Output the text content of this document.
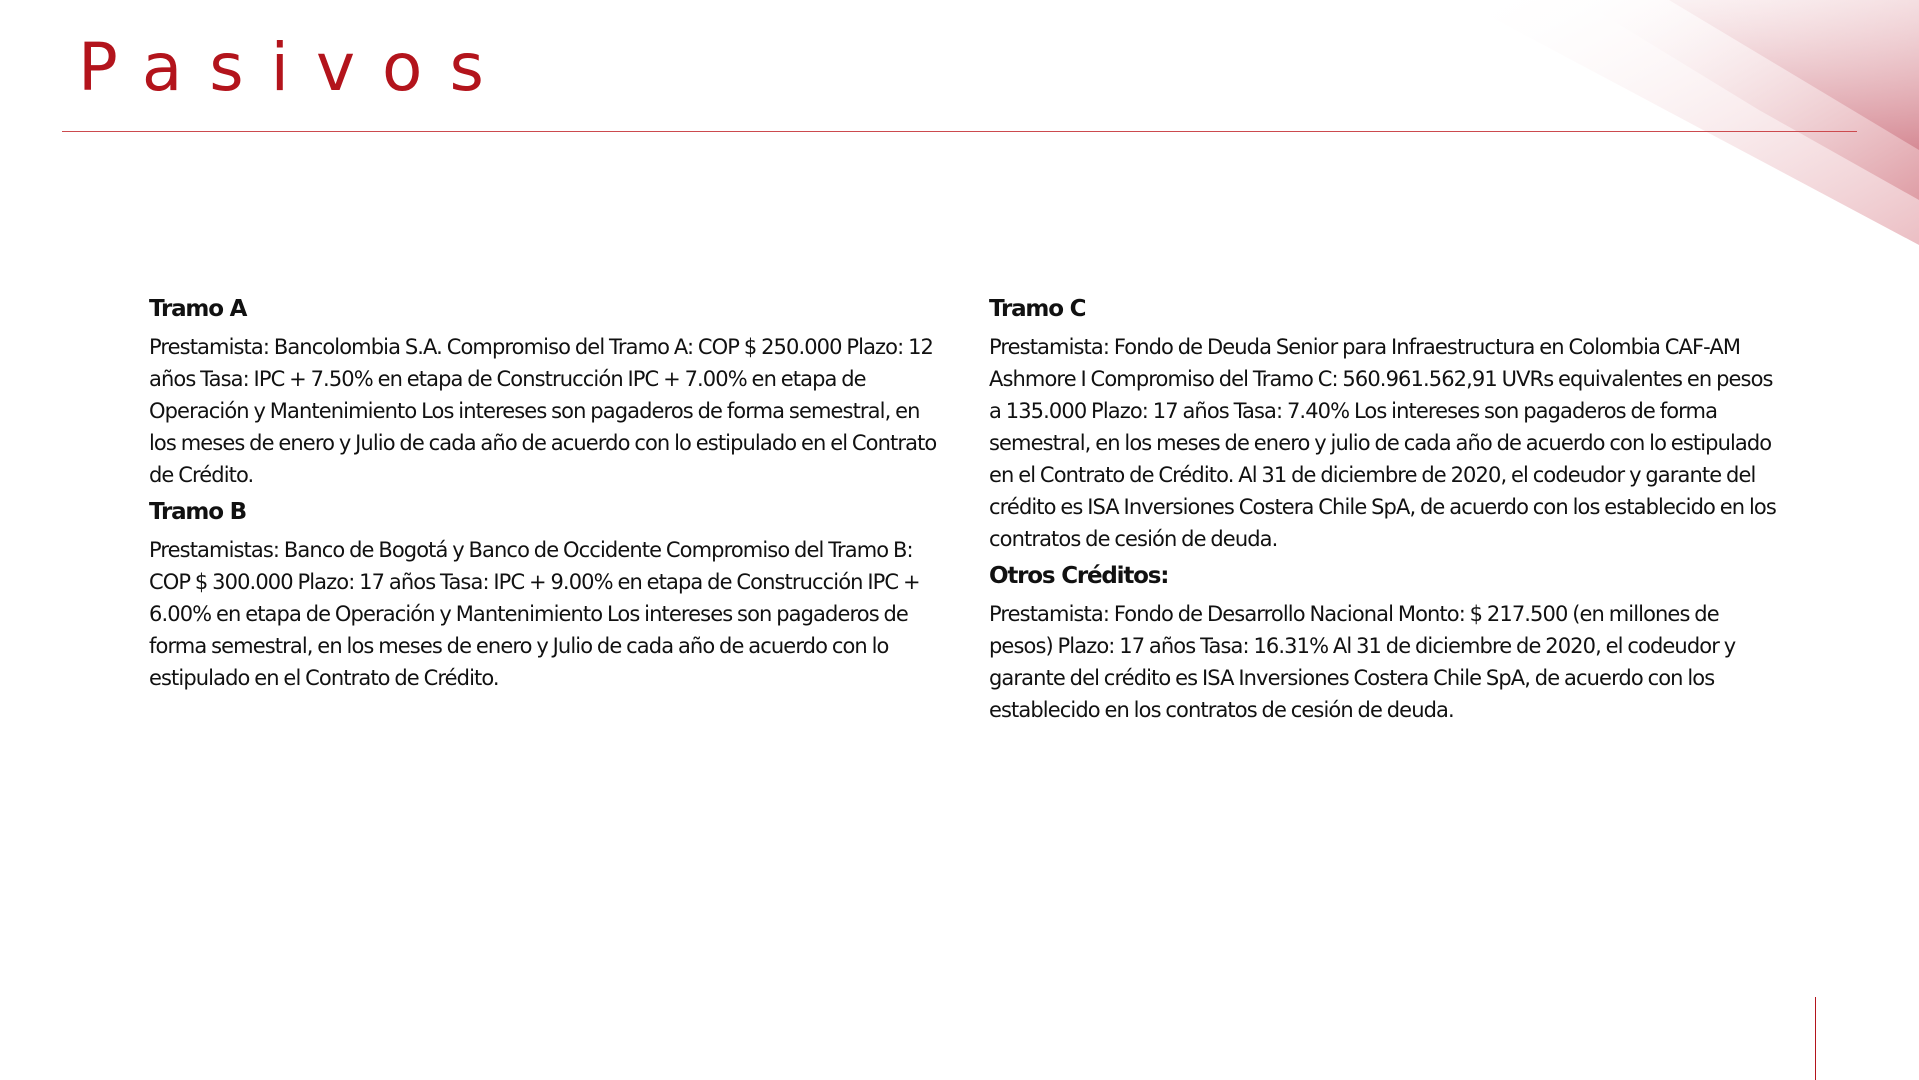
Pasivos
Tramo A

Prestamista: Bancolombia S.A. Compromiso del Tramo A: COP $ 250.000 Plazo: 12 años Tasa: IPC + 7.50% en etapa de Construcción IPC + 7.00% en etapa de Operación y Mantenimiento Los intereses son pagaderos de forma semestral, en los meses de enero y Julio de cada año de acuerdo con lo estipulado en el Contrato de Crédito.

Tramo B

Prestamistas: Banco de Bogotá y Banco de Occidente Compromiso del Tramo B: COP $ 300.000 Plazo: 17 años Tasa: IPC + 9.00% en etapa de Construcción IPC + 6.00% en etapa de Operación y Mantenimiento Los intereses son pagaderos de forma semestral, en los meses de enero y Julio de cada año de acuerdo con lo estipulado en el Contrato de Crédito.

Tramo C

Prestamista: Fondo de Deuda Senior para Infraestructura en Colombia CAF-AM Ashmore I Compromiso del Tramo C: 560.961.562,91 UVRs equivalentes en pesos a 135.000 Plazo: 17 años Tasa: 7.40% Los intereses son pagaderos de forma semestral, en los meses de enero y julio de cada año de acuerdo con lo estipulado en el Contrato de Crédito. Al 31 de diciembre de 2020, el codeudor y garante del crédito es ISA Inversiones Costera Chile SpA, de acuerdo con los establecido en los contratos de cesión de deuda.

Otros Créditos:

Prestamista: Fondo de Desarrollo Nacional Monto: $ 217.500 (en millones de pesos) Plazo: 17 años Tasa: 16.31% Al 31 de diciembre de 2020, el codeudor y garante del crédito es ISA Inversiones Costera Chile SpA, de acuerdo con los establecido en los contratos de cesión de deuda.
